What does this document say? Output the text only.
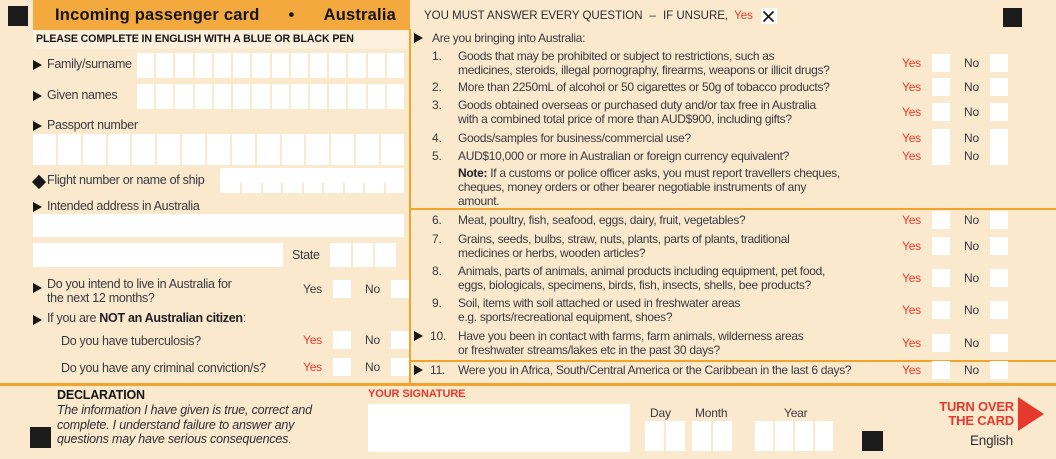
Incoming passenger card • Australia
PLEASE COMPLETE IN ENGLISH WITH A BLUE OR BLACK PEN
Family/surname
Given names
Passport number
Flight number or name of ship
Intended address in Australia
State
Do you intend to live in Australia for
the next 12 months?
Yes	No
If you are NOT an Australian citizen:
Do you have tuberculosis?	Yes	No
Do you have any criminal conviction/s?	Yes	No
YOU MUST ANSWER EVERY QUESTION – IF UNSURE, Yes
Are you bringing into Australia:
1. Goods that may be prohibited or subject to restrictions, such as
medicines, steroids, illegal pornography, firearms, weapons or illicit drugs?	Yes	No
2. More than 2250mL of alcohol or 50 cigarettes or 50g of tobacco products?	Yes	No
3. Goods obtained overseas or purchased duty and/or tax free in Australia
with a combined total price of more than AUD$900, including gifts?	Yes	No
4. Goods/samples for business/commercial use?	Yes	No
5. AUD$10,000 or more in Australian or foreign currency equivalent?	Yes	No
Note: If a customs or police officer asks, you must report travellers cheques,
cheques, money orders or other bearer negotiable instruments of any
amount.
6. Meat, poultry, fish, seafood, eggs, dairy, fruit, vegetables?	Yes	No
7. Grains, seeds, bulbs, straw, nuts, plants, parts of plants, traditional
medicines or herbs, wooden articles?	Yes	No
8. Animals, parts of animals, animal products including equipment, pet food,
eggs, biologicals, specimens, birds, fish, insects, shells, bee products?	Yes	No
9. Soil, items with soil attached or used in freshwater areas
e.g. sports/recreational equipment, shoes?	Yes	No
10. Have you been in contact with farms, farm animals, wilderness areas
or freshwater streams/lakes etc in the past 30 days?	Yes	No
11. Were you in Africa, South/Central America or the Caribbean in the last 6 days?	Yes	No
DECLARATION
The information I have given is true, correct and
complete. I understand failure to answer any
questions may have serious consequences.
YOUR SIGNATURE
Day Month	Year	TURN OVER
THE CARD
English
